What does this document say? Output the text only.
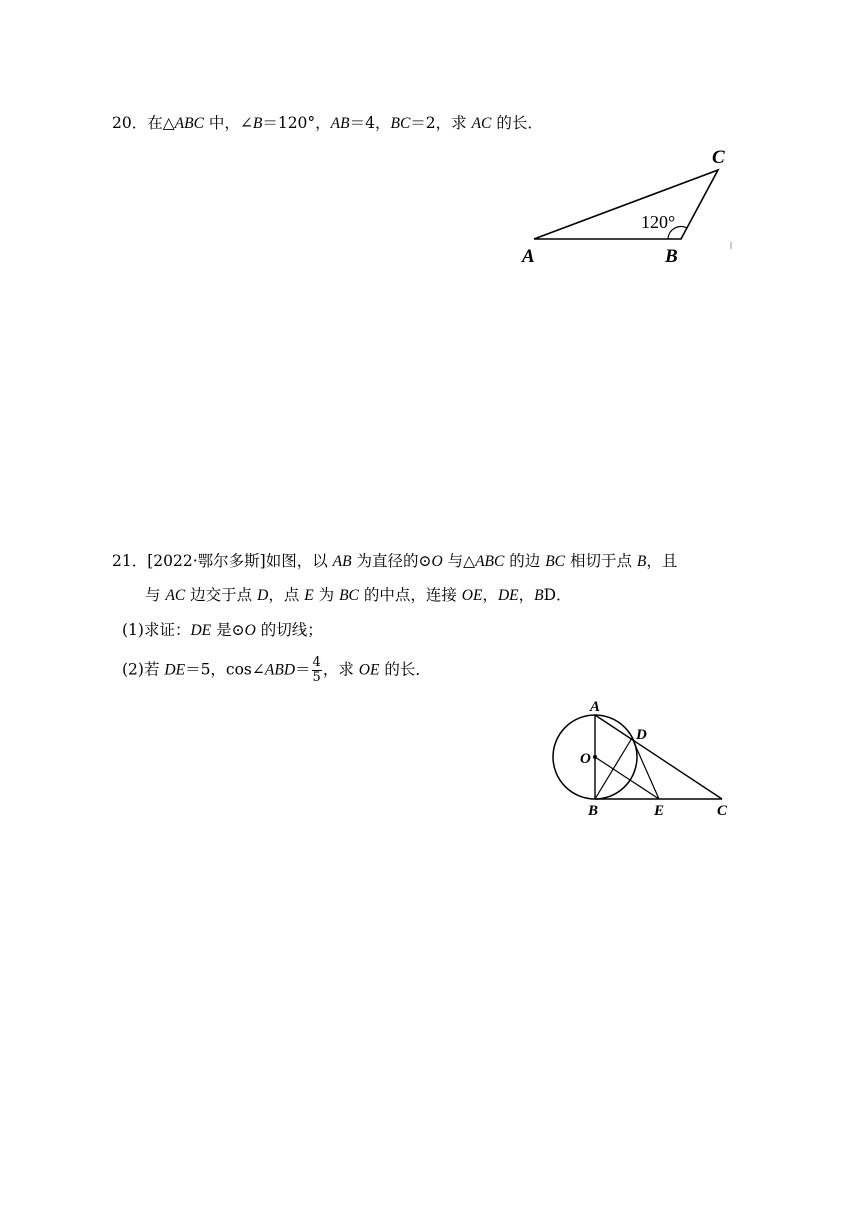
20．在△ABC 中，∠B＝120°，AB＝4，BC＝2，求 AC 的长．
A	B
C
120°
21．[2022·鄂尔多斯]如图，以 AB 为直径的⊙O 与△ABC 的边 BC 相切于点 B，且
与 AC 边交于点 D，点 E 为 BC 的中点，连接 OE，DE，BD．
(1)求证：DE 是⊙O 的切线；
(2)若 DE＝5，cos∠ABD＝ $\frac{4}{5}$ ，求 OE 的长．
A
B	C
D
E
O
